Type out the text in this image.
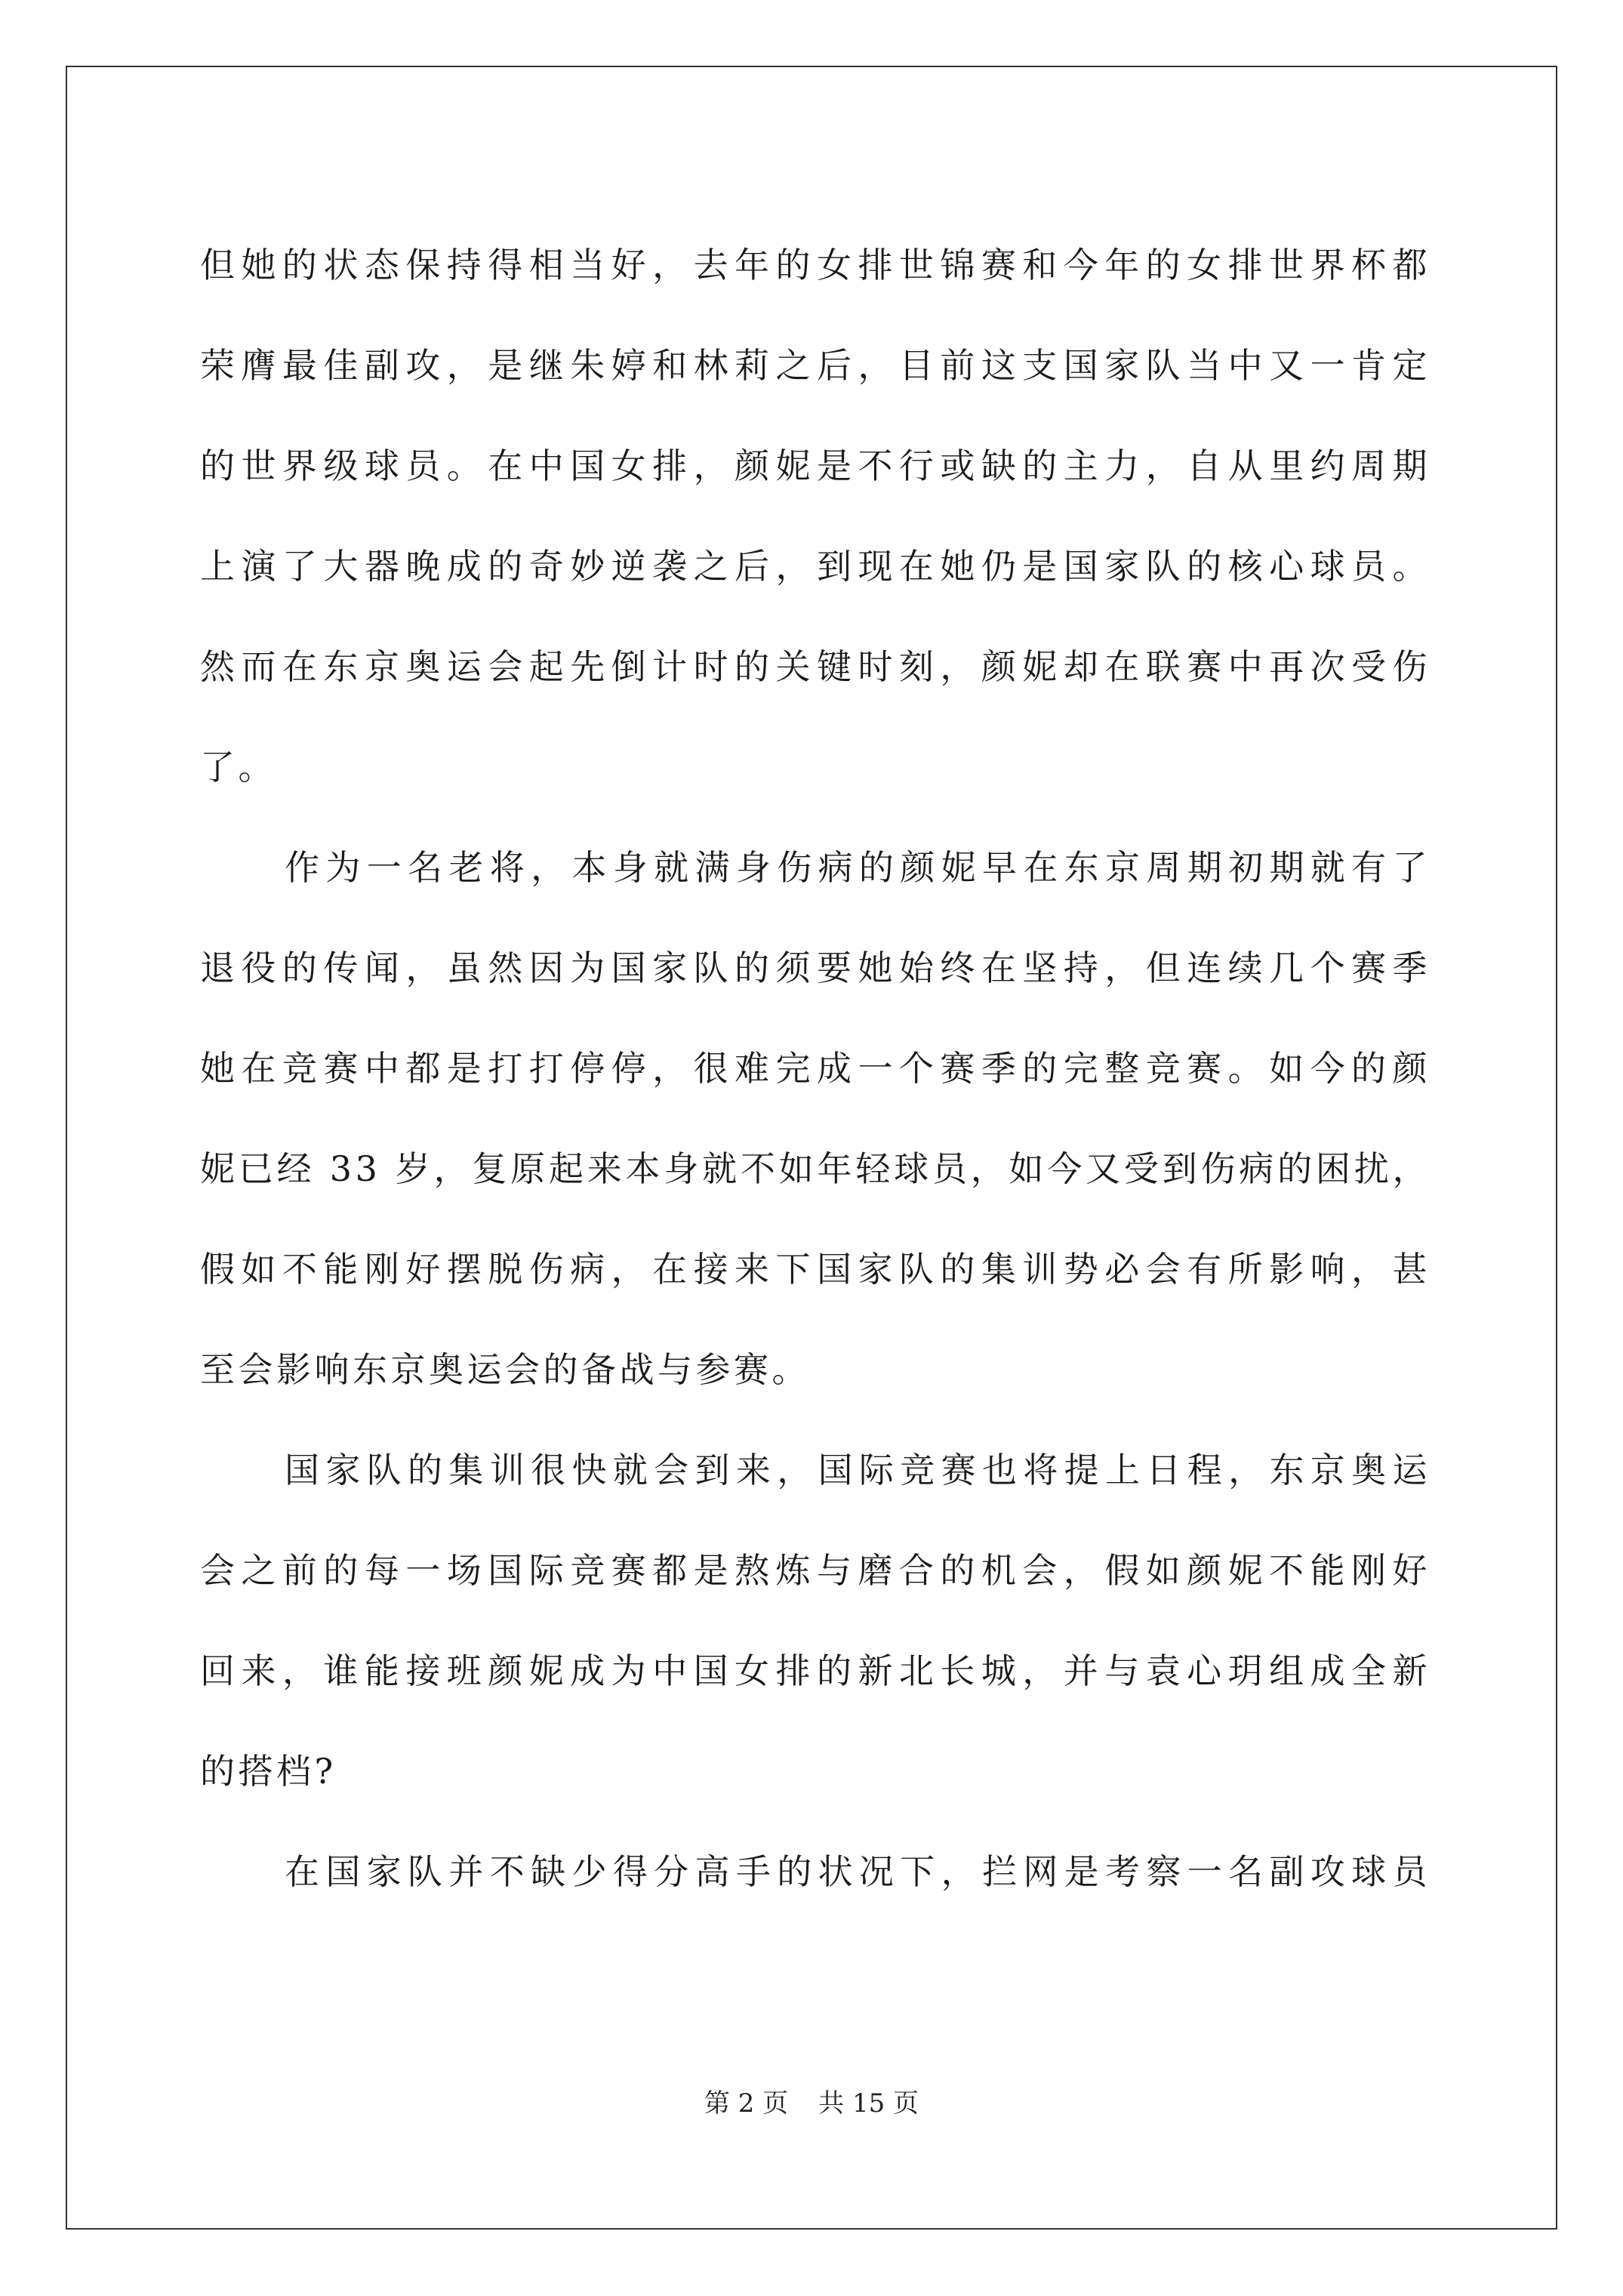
但她的状态保持得相当好，去年的女排世锦赛和今年的女排世界杯都
荣膺最佳副攻，是继朱婷和林莉之后，目前这支国家队当中又一肯定
的世界级球员。在中国女排，颜妮是不行或缺的主力，自从里约周期
上演了大器晚成的奇妙逆袭之后，到现在她仍是国家队的核心球员。
然而在东京奥运会起先倒计时的关键时刻，颜妮却在联赛中再次受伤
了。
作为一名老将，本身就满身伤病的颜妮早在东京周期初期就有了
退役的传闻，虽然因为国家队的须要她始终在坚持，但连续几个赛季
她在竞赛中都是打打停停，很难完成一个赛季的完整竞赛。如今的颜
妮已经 33 岁，复原起来本身就不如年轻球员，如今又受到伤病的困扰，
假如不能刚好摆脱伤病，在接来下国家队的集训势必会有所影响，甚
至会影响东京奥运会的备战与参赛。
国家队的集训很快就会到来，国际竞赛也将提上日程，东京奥运
会之前的每一场国际竞赛都是熬炼与磨合的机会，假如颜妮不能刚好
回来，谁能接班颜妮成为中国女排的新北长城，并与袁心玥组成全新
的搭档?
在国家队并不缺少得分高手的状况下，拦网是考察一名副攻球员
第 2 页 共 15 页
